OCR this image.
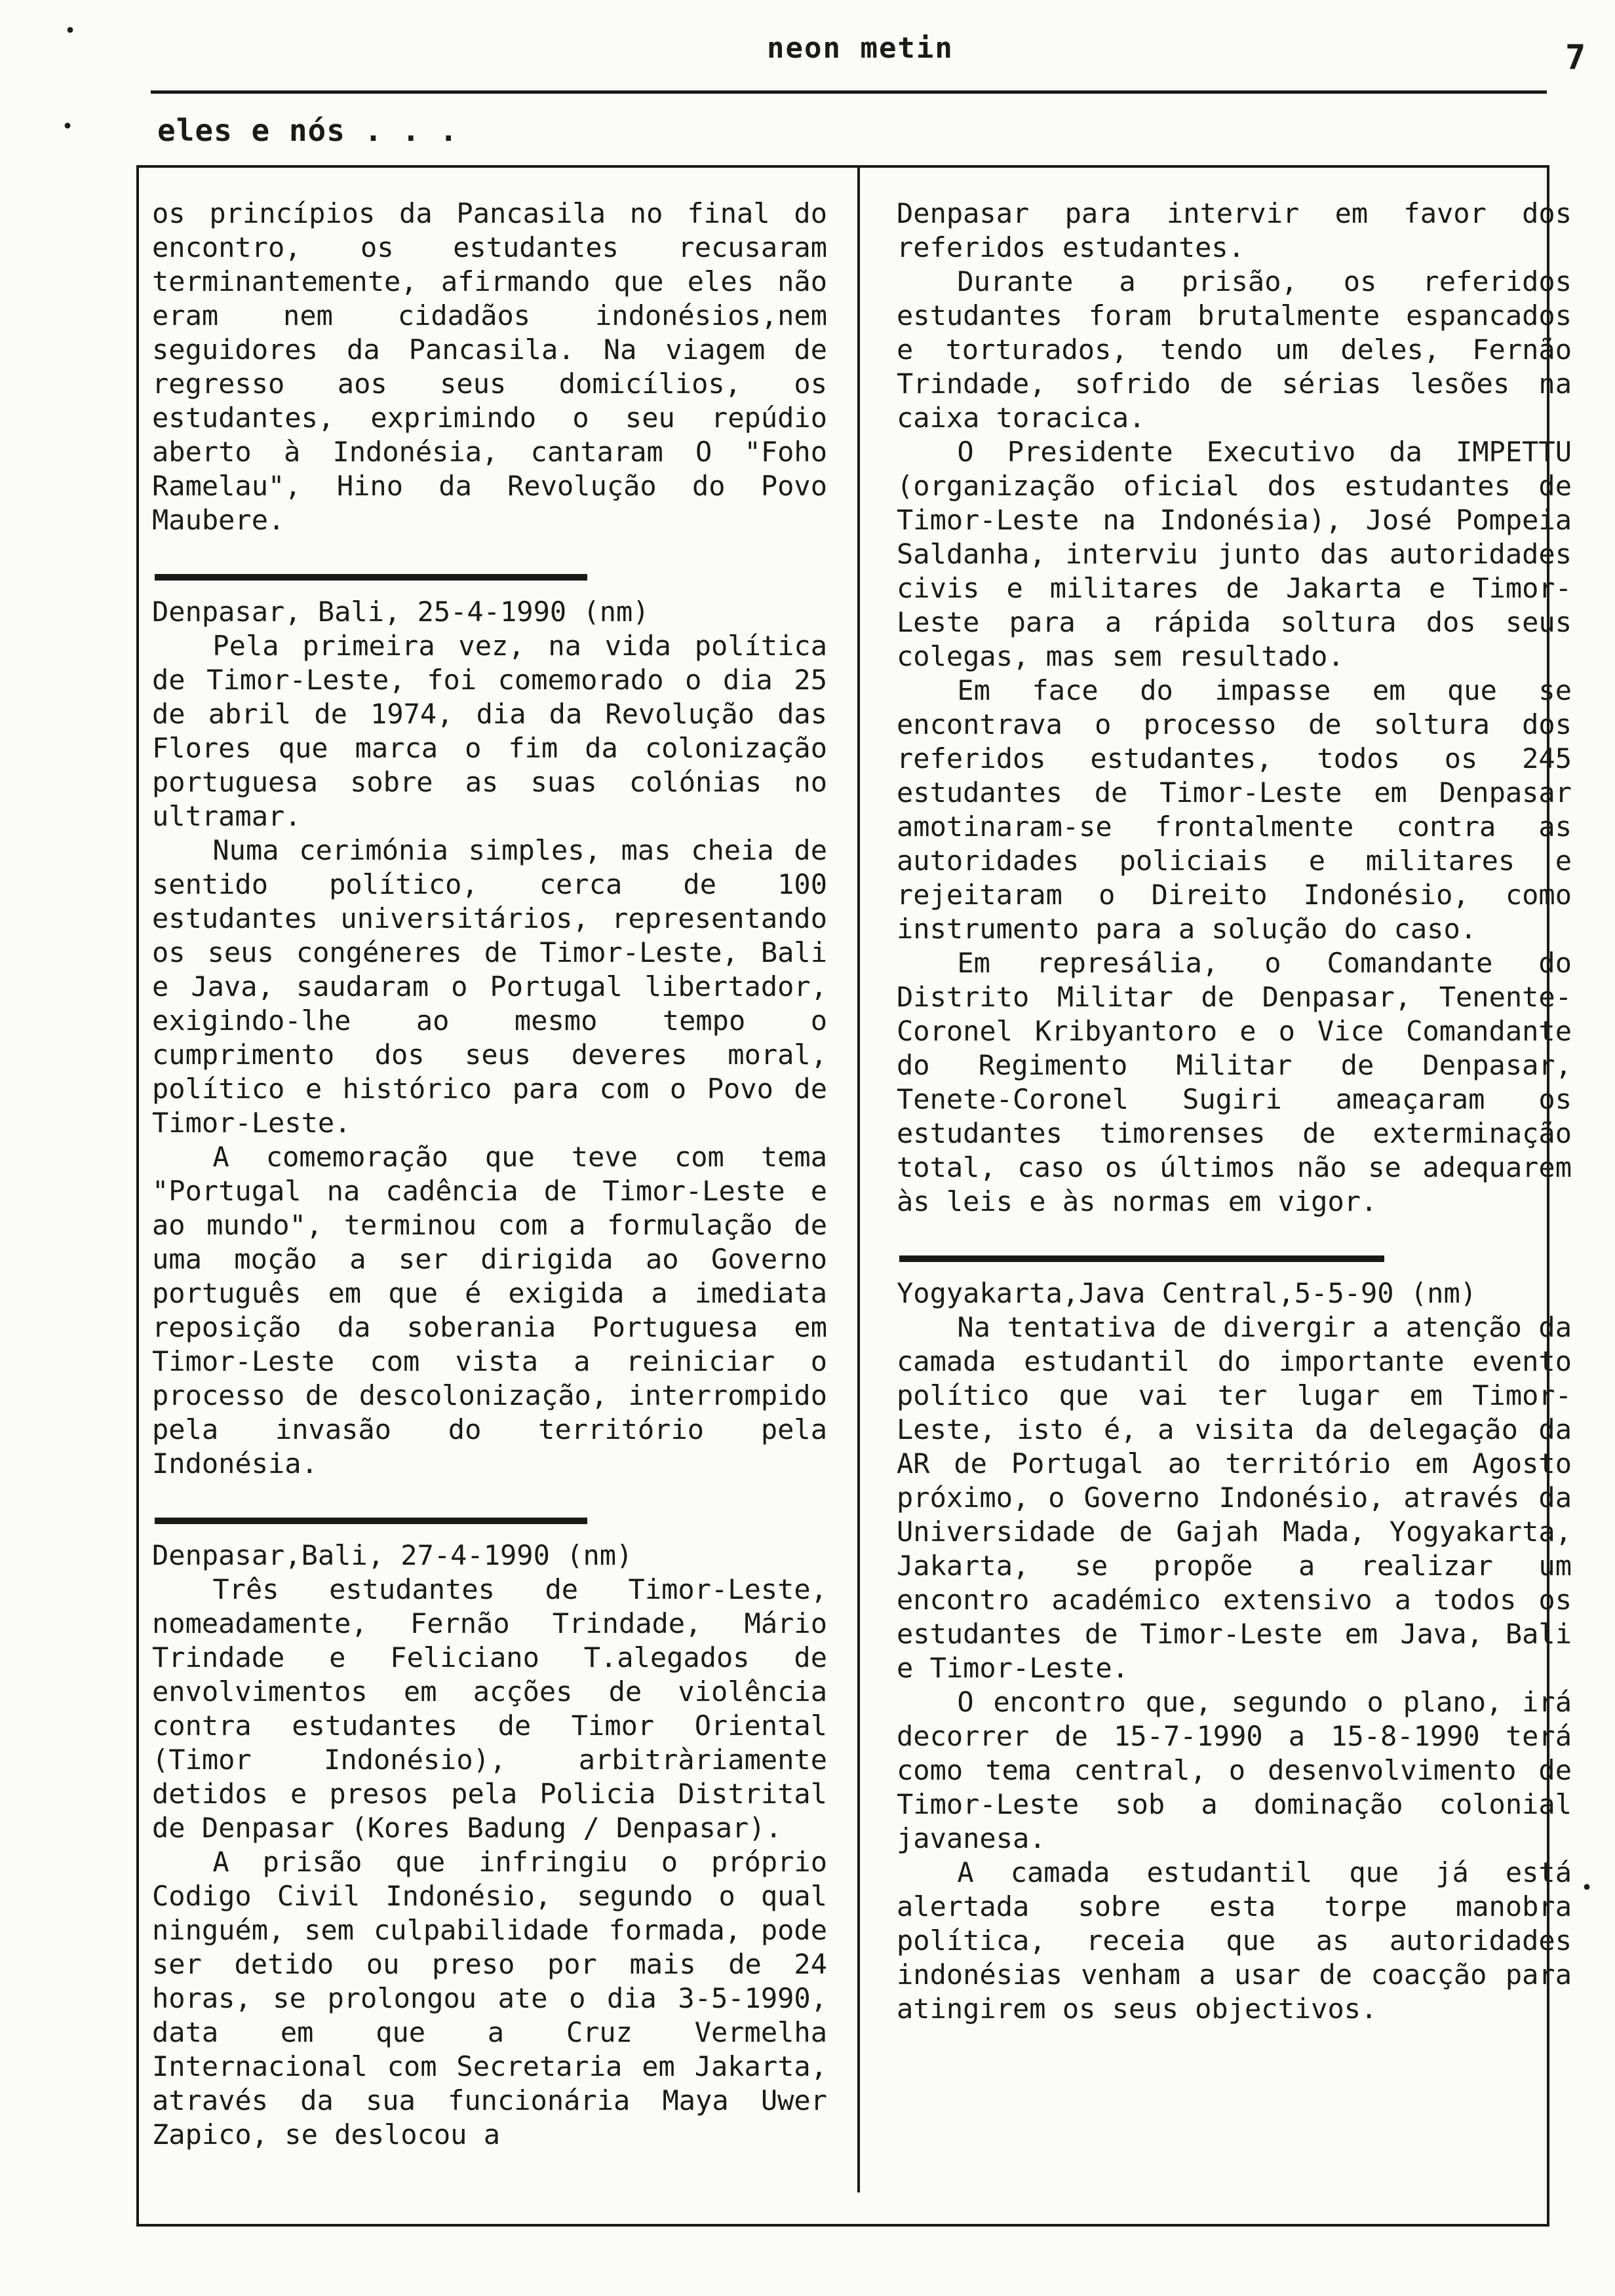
neon metin	7
eles e nós . . .
•
•
•

os princípios da Pancasila no final do encontro, os estudantes recusaram terminantemente, afirmando que eles não eram nem cidadãos indonésios,nem seguidores da Pancasila. Na viagem de regresso aos seus domicílios, os estudantes, exprimindo o seu repúdio aberto à Indonésia, cantaram O "Foho Ramelau", Hino da Revolução do Povo Maubere.

Denpasar, Bali, 25-4-1990 (nm)

Pela primeira vez, na vida política de Timor-Leste, foi comemorado o dia 25 de abril de 1974, dia da Revolução das Flores que marca o fim da colonização portuguesa sobre as suas colónias no ultramar.

Numa cerimónia simples, mas cheia de sentido político, cerca de 100 estudantes universitários, representando os seus congéneres de Timor-Leste, Bali e Java, saudaram o Portugal libertador, exigindo-lhe ao mesmo tempo o cumprimento dos seus deveres moral, político e histórico para com o Povo de Timor-Leste.

A comemoração que teve com tema "Portugal na cadência de Timor-Leste e ao mundo", terminou com a formulação de uma moção a ser dirigida ao Governo português em que é exigida a imediata reposição da soberania Portuguesa em Timor-Leste com vista a reiniciar o processo de descolonização, interrompido pela invasão do território pela Indonésia.

Denpasar,Bali, 27-4-1990 (nm)

Três estudantes de Timor-Leste, nomeadamente, Fernão Trindade, Mário Trindade e Feliciano T.alegados de envolvimentos em acções de violência contra estudantes de Timor Oriental (Timor Indonésio), arbitràriamente detidos e presos pela Policia Distrital de Denpasar (Kores Badung / Denpasar).

A prisão que infringiu o próprio Codigo Civil Indonésio, segundo o qual ninguém, sem culpabilidade formada, pode ser detido ou preso por mais de 24 horas, se prolongou ate o dia 3-5-1990, data em que a Cruz Vermelha Internacional com Secretaria em Jakarta, através da sua funcionária Maya Uwer Zapico, se deslocou a

Denpasar para intervir em favor dos referidos estudantes.

Durante a prisão, os referidos estudantes foram brutalmente espancados e torturados, tendo um deles, Fernão Trindade, sofrido de sérias lesões na caixa toracica.

O Presidente Executivo da IMPETTU (organização oficial dos estudantes de Timor-Leste na Indonésia), José Pompeia Saldanha, interviu junto das autoridades civis e militares de Jakarta e Timor- Leste para a rápida soltura dos seus colegas, mas sem resultado.

Em face do impasse em que se encontrava o processo de soltura dos referidos estudantes, todos os 245 estudantes de Timor-Leste em Denpasar amotinaram-se frontalmente contra as autoridades policiais e militares e rejeitaram o Direito Indonésio, como instrumento para a solução do caso.

Em represália, o Comandante do Distrito Militar de Denpasar, Tenente-Coronel Kribyantoro e o Vice Comandante do Regimento Militar de Denpasar, Tenete-Coronel Sugiri ameaçaram os estudantes timorenses de exterminação total, caso os últimos não se adequarem às leis e às normas em vigor.

Yogyakarta,Java Central,5-5-90 (nm)

Na tentativa de divergir a atenção da camada estudantil do importante evento político que vai ter lugar em Timor-Leste, isto é, a visita da delegação da AR de Portugal ao território em Agosto próximo, o Governo Indonésio, através da Universidade de Gajah Mada, Yogyakarta, Jakarta, se propõe a realizar um encontro académico extensivo a todos os estudantes de Timor-Leste em Java, Bali e Timor-Leste.

O encontro que, segundo o plano, irá decorrer de 15-7-1990 a 15-8-1990 terá como tema central, o desenvolvimento de Timor-Leste sob a dominação colonial javanesa.

A camada estudantil que já está alertada sobre esta torpe manobra política, receia que as autoridades indonésias venham a usar de coacção para atingirem os seus objectivos.
